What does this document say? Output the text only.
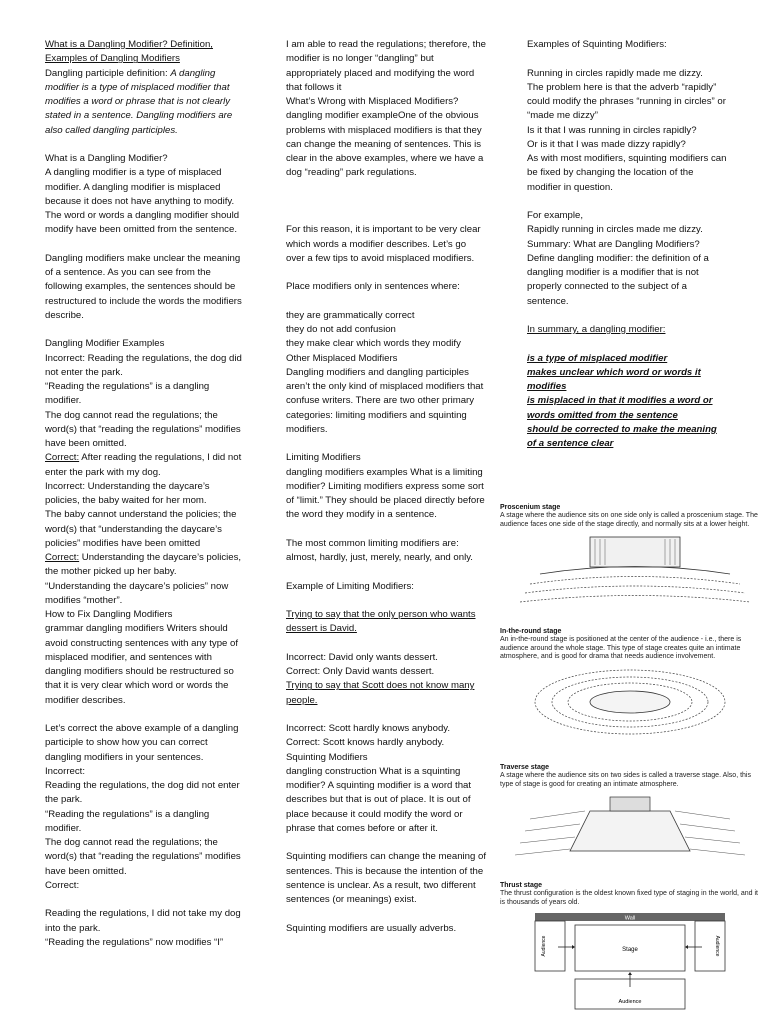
What is a Dangling Modifier? Definition, Examples of Dangling Modifiers

Dangling participle definition: A dangling modifier is a type of misplaced modifier that modifies a word or phrase that is not clearly stated in a sentence. Dangling modifiers are also called dangling participles.

What is a Dangling Modifier?

A dangling modifier is a type of misplaced modifier. A dangling modifier is misplaced because it does not have anything to modify. The word or words a dangling modifier should modify have been omitted from the sentence.

Dangling modifiers make unclear the meaning of a sentence. As you can see from the following examples, the sentences should be restructured to include the words the modifiers describe.

Dangling Modifier Examples

Incorrect: Reading the regulations, the dog did not enter the park.
“Reading the regulations” is a dangling modifier.
The dog cannot read the regulations; the word(s) that “reading the regulations” modifies have been omitted.

Correct: After reading the regulations, I did not enter the park with my dog.
Incorrect: Understanding the daycare’s policies, the baby waited for her mom.
The baby cannot understand the policies; the word(s) that “understanding the daycare’s policies” modifies have been omitted

Correct: Understanding the daycare’s policies, the mother picked up her baby.
“Understanding the daycare’s policies” now modifies “mother”.
How to Fix Dangling Modifiers
grammar dangling modifiers Writers should avoid constructing sentences with any type of misplaced modifier, and sentences with dangling modifiers should be restructured so that it is very clear which word or words the modifier describes.

Let’s correct the above example of a dangling participle to show how you can correct dangling modifiers in your sentences.
Incorrect:
Reading the regulations, the dog did not enter the park.
“Reading the regulations” is a dangling modifier.
The dog cannot read the regulations; the word(s) that “reading the regulations” modifies have been omitted.
Correct:

Reading the regulations, I did not take my dog into the park.
“Reading the regulations” now modifies “I”

I am able to read the regulations; therefore, the modifier is no longer “dangling” but appropriately placed and modifying the word that follows it
What’s Wrong with Misplaced Modifiers?
dangling modifier exampleOne of the obvious problems with misplaced modifiers is that they can change the meaning of sentences. This is clear in the above examples, where we have a dog “reading” park regulations.

For this reason, it is important to be very clear which words a modifier describes. Let’s go over a few tips to avoid misplaced modifiers.

Place modifiers only in sentences where:

they are grammatically correct
they do not add confusion
they make clear which words they modify
Other Misplaced Modifiers
Dangling modifiers and dangling participles aren’t the only kind of misplaced modifiers that confuse writers. There are two other primary categories: limiting modifiers and squinting modifiers.

Limiting Modifiers
dangling modifiers examples What is a limiting modifier? Limiting modifiers express some sort of “limit.” They should be placed directly before the word they modify in a sentence.

The most common limiting modifiers are: almost, hardly, just, merely, nearly, and only.

Example of Limiting Modifiers:

Trying to say that the only person who wants dessert is David.

Incorrect: David only wants dessert.
Correct: Only David wants dessert.

Trying to say that Scott does not know many people.

Incorrect: Scott hardly knows anybody.
Correct: Scott knows hardly anybody.
Squinting Modifiers
dangling construction What is a squinting modifier? A squinting modifier is a word that describes but that is out of place. It is out of place because it could modify the word or phrase that comes before or after it.

Squinting modifiers can change the meaning of sentences. This is because the intention of the sentence is unclear. As a result, two different sentences (or meanings) exist.

Squinting modifiers are usually adverbs.

Examples of Squinting Modifiers:

Running in circles rapidly made me dizzy.
The problem here is that the adverb “rapidly” could modify the phrases “running in circles” or “made me dizzy”
Is it that I was running in circles rapidly?
Or is it that I was made dizzy rapidly?
As with most modifiers, squinting modifiers can be fixed by changing the location of the modifier in question.

For example,
Rapidly running in circles made me dizzy.
Summary: What are Dangling Modifiers?
Define dangling modifier: the definition of a dangling modifier is a modifier that is not properly connected to the subject of a sentence.

In summary, a dangling modifier:

is a type of misplaced modifier

makes unclear which word or words it modifies

is misplaced in that it modifies a word or words omitted from the sentence

should be corrected to make the meaning of a sentence clear

Proscenium stage
A stage where the audience sits on one side only is called a proscenium stage. The audience faces one side of the stage directly, and normally sits at a lower height.
In-the-round stage
An in-the-round stage is positioned at the center of the audience - i.e., there is audience around the whole stage. This type of stage creates quite an intimate atmosphere, and is good for drama that needs audience involvement.
Traverse stage
A stage where the audience sits on two sides is called a traverse stage. Also, this type of stage is good for creating an intimate atmosphere.
Thrust stage
The thrust configuration is the oldest known fixed type of staging in the world, and it is thousands of years old.
Wall
Stage
Audience	Audience
Audience
